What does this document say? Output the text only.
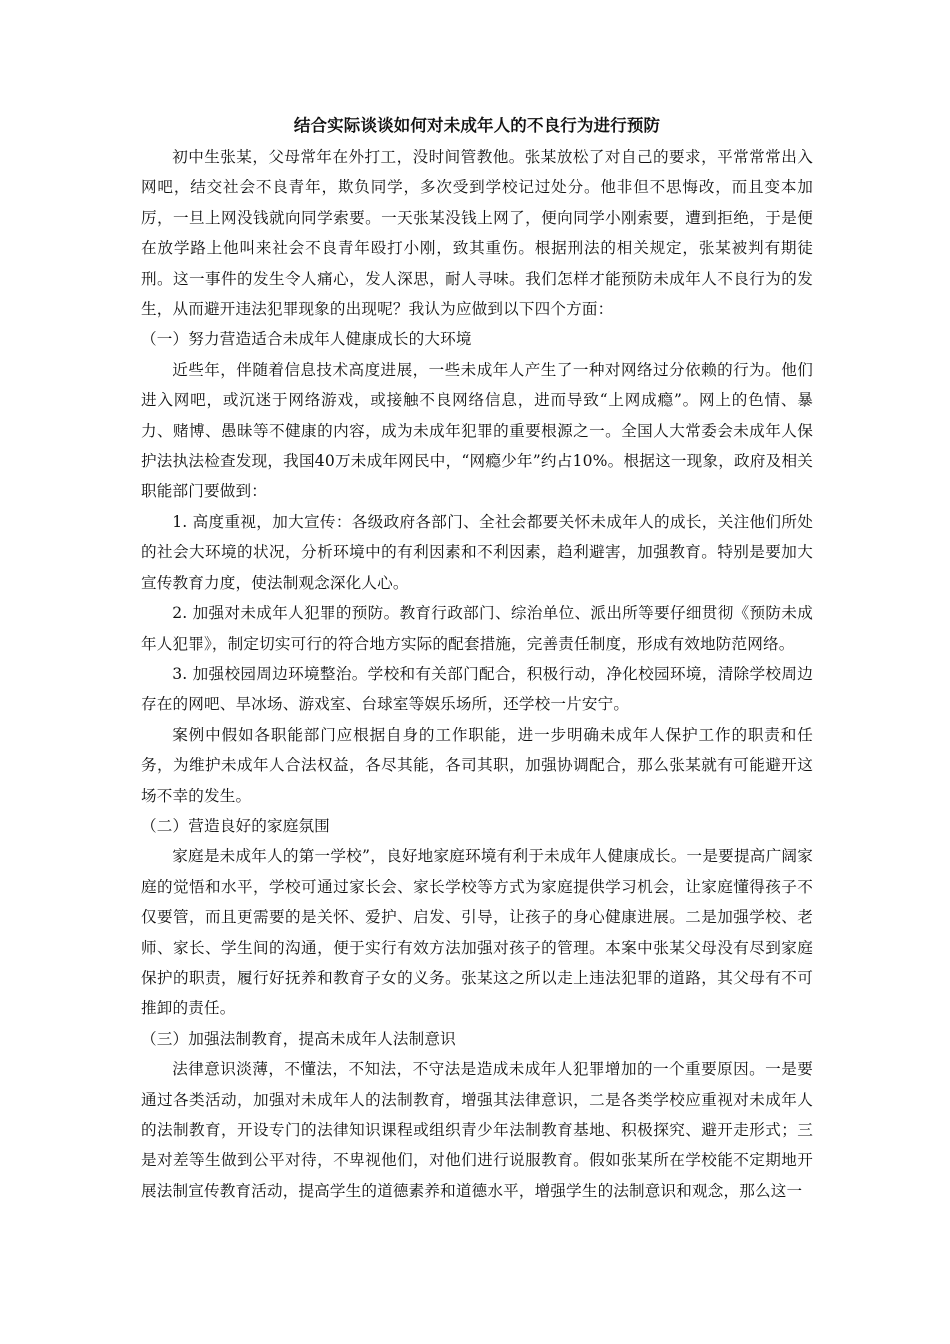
结合实际谈谈如何对未成年人的不良行为进行预防

初中生张某，父母常年在外打工，没时间管教他。张某放松了对自己的要求，平常常常出入网吧，结交社会不良青年，欺负同学，多次受到学校记过处分。他非但不思悔改，而且变本加厉，一旦上网没钱就向同学索要。一天张某没钱上网了，便向同学小刚索要，遭到拒绝，于是便在放学路上他叫来社会不良青年殴打小刚，致其重伤。根据刑法的相关规定，张某被判有期徒刑。这一事件的发生令人痛心，发人深思，耐人寻味。我们怎样才能预防未成年人不良行为的发生，从而避开违法犯罪现象的出现呢？我认为应做到以下四个方面：

（一）努力营造适合未成年人健康成长的大环境

近些年，伴随着信息技术高度进展，一些未成年人产生了一种对网络过分依赖的行为。他们进入网吧，或沉迷于网络游戏，或接触不良网络信息，进而导致“上网成瘾”。网上的色情、暴力、赌博、愚昧等不健康的内容，成为未成年犯罪的重要根源之一。全国人大常委会未成年人保护法执法检查发现，我国40万未成年网民中，“网瘾少年”约占10%。根据这一现象，政府及相关职能部门要做到：

1. 高度重视，加大宣传：各级政府各部门、全社会都要关怀未成年人的成长，关注他们所处的社会大环境的状况，分析环境中的有利因素和不利因素，趋利避害，加强教育。特别是要加大宣传教育力度，使法制观念深化人心。

2. 加强对未成年人犯罪的预防。教育行政部门、综治单位、派出所等要仔细贯彻《预防未成年人犯罪》，制定切实可行的符合地方实际的配套措施，完善责任制度，形成有效地防范网络。

3. 加强校园周边环境整治。学校和有关部门配合，积极行动，净化校园环境，清除学校周边存在的网吧、旱冰场、游戏室、台球室等娱乐场所，还学校一片安宁。

案例中假如各职能部门应根据自身的工作职能，进一步明确未成年人保护工作的职责和任务，为维护未成年人合法权益，各尽其能，各司其职，加强协调配合，那么张某就有可能避开这场不幸的发生。

（二）营造良好的家庭氛围

家庭是未成年人的第一学校”，良好地家庭环境有利于未成年人健康成长。一是要提高广阔家庭的觉悟和水平，学校可通过家长会、家长学校等方式为家庭提供学习机会，让家庭懂得孩子不仅要管，而且更需要的是关怀、爱护、启发、引导，让孩子的身心健康进展。二是加强学校、老师、家长、学生间的沟通，便于实行有效方法加强对孩子的管理。本案中张某父母没有尽到家庭保护的职责，履行好抚养和教育子女的义务。张某这之所以走上违法犯罪的道路，其父母有不可推卸的责任。

（三）加强法制教育，提高未成年人法制意识

法律意识淡薄，不懂法，不知法，不守法是造成未成年人犯罪增加的一个重要原因。一是要通过各类活动，加强对未成年人的法制教育，增强其法律意识，二是各类学校应重视对未成年人的法制教育，开设专门的法律知识课程或组织青少年法制教育基地、积极探究、避开走形式；三是对差等生做到公平对待，不卑视他们，对他们进行说服教育。假如张某所在学校能不定期地开展法制宣传教育活动，提高学生的道德素养和道德水平，增强学生的法制意识和观念，那么这一
